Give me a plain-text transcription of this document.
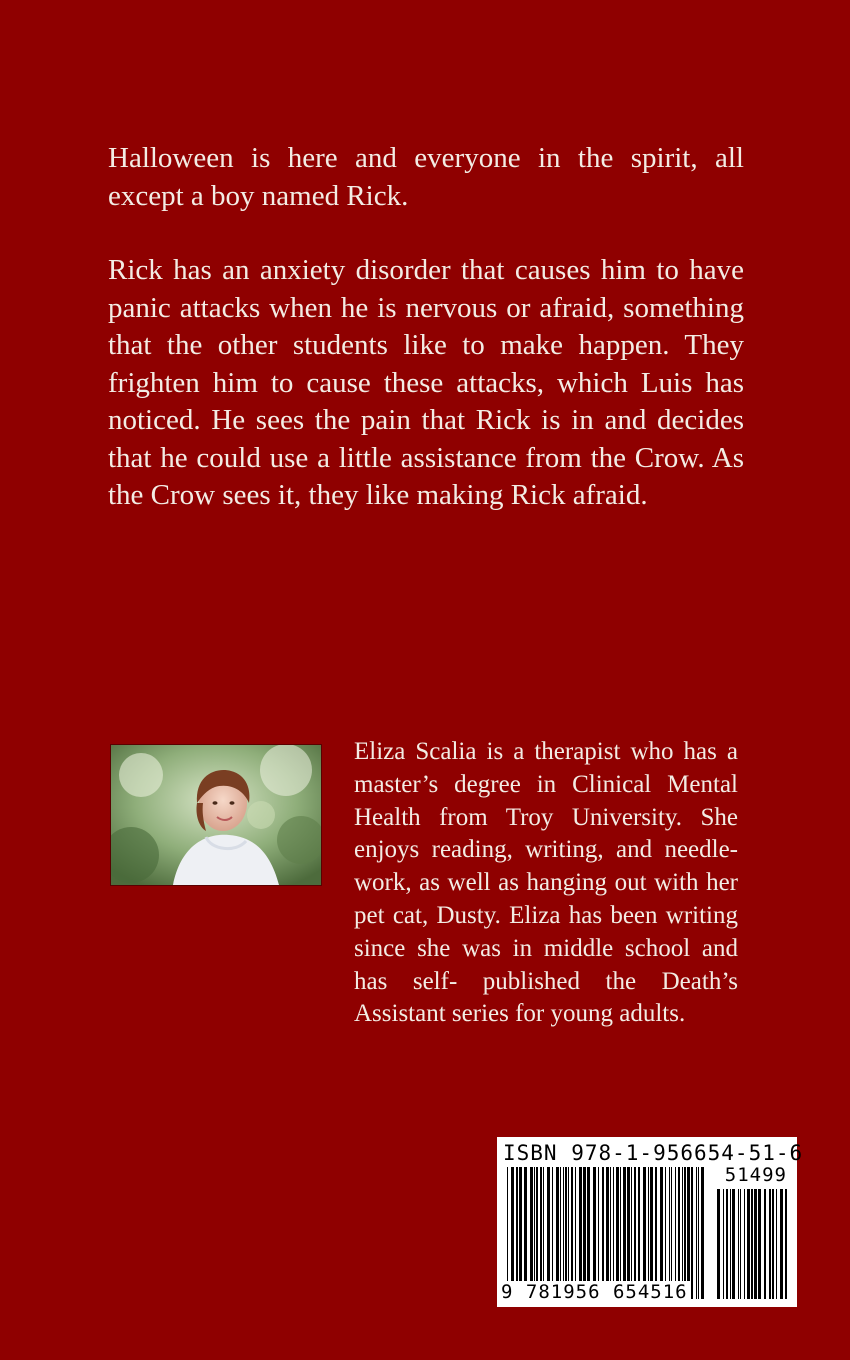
Halloween is here and everyone in the spirit, all except a boy named Rick.

Rick has an anxiety disorder that causes him to have panic attacks when he is nervous or afraid, something that the other students like to make happen. They frighten him to cause these attacks, which Luis has noticed. He sees the pain that Rick is in and decides that he could use a little assistance from the Crow. As the Crow sees it, they like making Rick afraid.

Eliza Scalia is a therapist who has a master’s degree in Clinical Mental Health from Troy University. She enjoys reading, writing, and needle-work, as well as hanging out with her pet cat, Dusty. Eliza has been writing since she was in middle school and has self- published the Death’s Assistant series for young adults.

ISBN 978-1-956654-51-6
51499
9 781956 654516
